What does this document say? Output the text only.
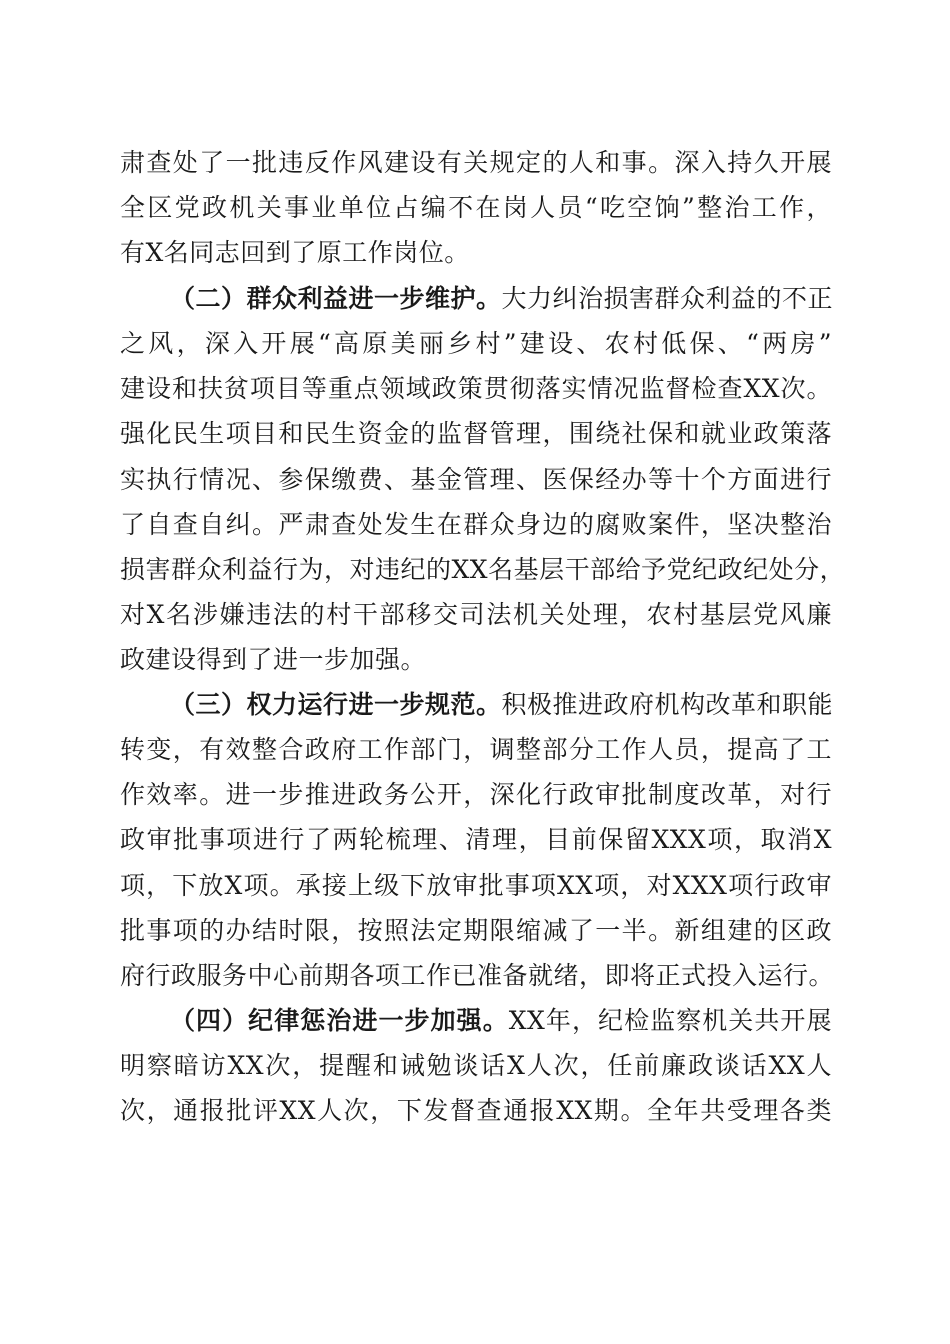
肃查处了一批违反作风建设有关规定的人和事。深入持久开展
全区党政机关事业单位占编不在岗人员“吃空饷”整治工作，
有X名同志回到了原工作岗位。
（二）群众利益进一步维护。大力纠治损害群众利益的不正
之风，深入开展“高原美丽乡村”建设、农村低保、“两房”
建设和扶贫项目等重点领域政策贯彻落实情况监督检查XX次。
强化民生项目和民生资金的监督管理，围绕社保和就业政策落
实执行情况、参保缴费、基金管理、医保经办等十个方面进行
了自查自纠。严肃查处发生在群众身边的腐败案件，坚决整治
损害群众利益行为，对违纪的XX名基层干部给予党纪政纪处分，
对X名涉嫌违法的村干部移交司法机关处理，农村基层党风廉
政建设得到了进一步加强。
（三）权力运行进一步规范。积极推进政府机构改革和职能
转变，有效整合政府工作部门，调整部分工作人员，提高了工
作效率。进一步推进政务公开，深化行政审批制度改革，对行
政审批事项进行了两轮梳理、清理，目前保留XXX项，取消X
项，下放X项。承接上级下放审批事项XX项，对XXX项行政审
批事项的办结时限，按照法定期限缩减了一半。新组建的区政
府行政服务中心前期各项工作已准备就绪，即将正式投入运行。
（四）纪律惩治进一步加强。XX年，纪检监察机关共开展
明察暗访XX次，提醒和诫勉谈话X人次，任前廉政谈话XX人
次，通报批评XX人次，下发督查通报XX期。全年共受理各类
